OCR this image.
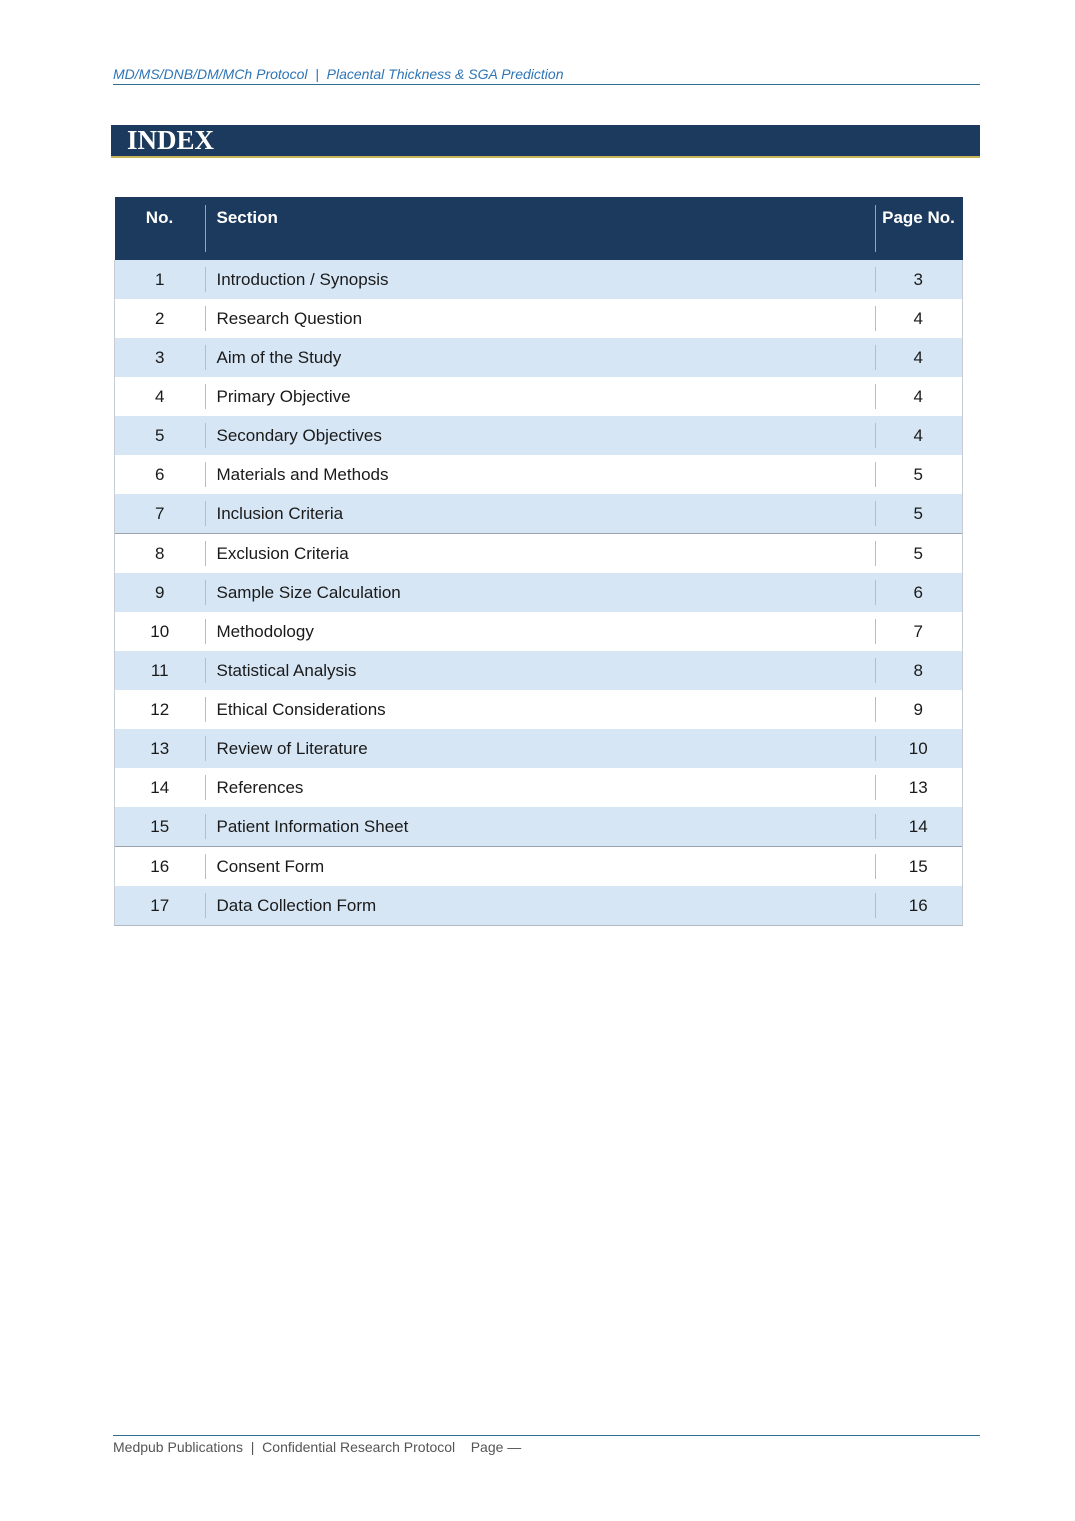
MD/MS/DNB/DM/MCh Protocol  |  Placental Thickness & SGA Prediction
INDEX
No.	Section	Page No.
1	Introduction / Synopsis	3
2	Research Question	4
3	Aim of the Study	4
4	Primary Objective	4
5	Secondary Objectives	4
6	Materials and Methods	5
7	Inclusion Criteria	5
8	Exclusion Criteria	5
9	Sample Size Calculation	6
10	Methodology	7
11	Statistical Analysis	8
12	Ethical Considerations	9
13	Review of Literature	10
14	References	13
15	Patient Information Sheet	14
16	Consent Form	15
17	Data Collection Form	16
Medpub Publications  |  Confidential Research Protocol    Page —
